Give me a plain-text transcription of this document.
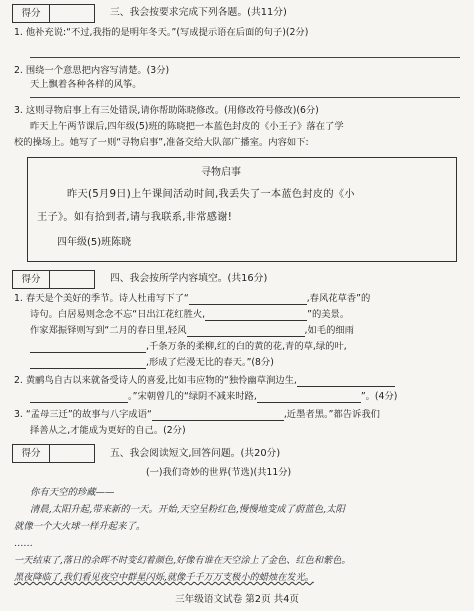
得分	三、我会按要求完成下列各题。(共11分)
1. 他补充说:“不过,我指的是明年冬天。”(写成提示语在后面的句子)(2分)
2. 围绕一个意思把内容写清楚。(3分)
天上飘着各种各样的风筝。
3. 这则寻物启事上有三处错误,请你帮助陈晓修改。(用修改符号修改)(6分)
昨天上午两节课后,四年级(5)班的陈晓把一本蓝色封皮的《小王子》落在了学
校的操场上。她写了一则“寻物启事”,准备交给大队部广播室。内容如下:
寻物启事
昨天(5月9日)上午课间活动时间,我丢失了一本蓝色封皮的《小
王子》。如有拾到者,请与我联系,非常感谢!
四年级(5)班陈晓
得分	四、我会按所学内容填空。(共16分)
1. 春天是个美好的季节。诗人杜甫写下了“	,春风花草香”的
诗句。白居易则念念不忘“日出江花红胜火,	”的美景。
作家郑振铎则写到“二月的春日里,轻风	,如毛的细雨
,千条万条的柔柳,红的白的黄的花,青的草,绿的叶,
,形成了烂漫无比的春天。”(8分)
2. 黄鹂鸟自古以来就备受诗人的喜爱,比如韦应物的“独怜幽草涧边生,
。”宋朝曾几的“绿阴不减来时路,	”。(4分)
3. “孟母三迁”的故事与八字成语“	,近墨者黑。”都告诉我们
择善从之,才能成为更好的自己。(2分)
得分	五、我会阅读短文,回答问题。(共20分)
(一)我们奇妙的世界(节选)(共11分)
你有天空的珍藏——
清晨,太阳升起,带来新的一天。开始,天空呈粉红色,慢慢地变成了蔚蓝色,太阳
就像一个大火球一样升起来了。
……
一天结束了,落日的余晖不时变幻着颜色,好像有谁在天空涂上了金色、红色和紫色。
黑夜降临了,我们看见夜空中群星闪烁,就像千千万万支极小的蜡烛在发光。
三年级语文试卷 第2页 共4页
